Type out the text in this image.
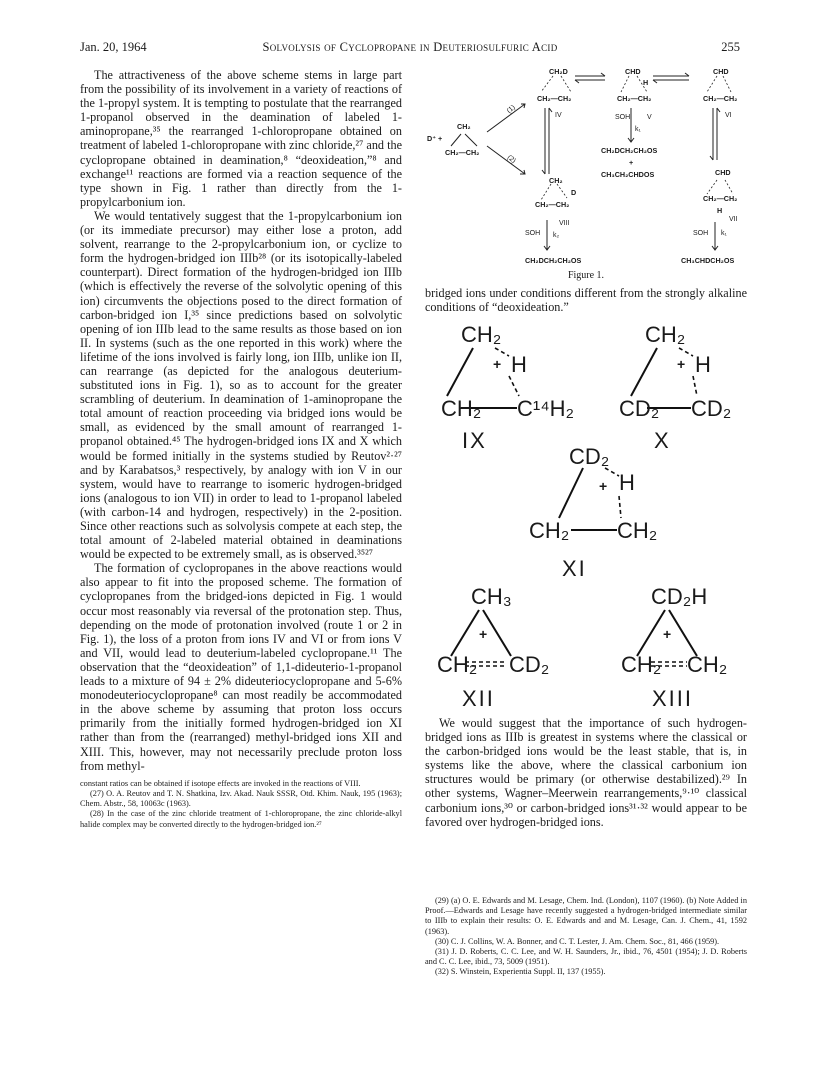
Jan. 20, 1964	Solvolysis of Cyclopropane in Deuteriosulfuric Acid	255

The attractiveness of the above scheme stems in large part from the possibility of its involvement in a variety of reactions of the 1-propyl system. It is tempting to postulate that the rearranged 1-propanol observed in the deamination of labeled 1-aminopropane,³⁵ the rearranged 1-chloropropane obtained on treatment of labeled 1-chloropropane with zinc chloride,²⁷ and the cyclopropane obtained in deamination,⁸ “deoxideation,”⁸ and exchange¹¹ reactions are formed via a reaction sequence of the type shown in Fig. 1 rather than directly from the 1-propylcarbonium ion.

We would tentatively suggest that the 1-propylcarbonium ion (or its immediate precursor) may either lose a proton, add solvent, rearrange to the 2-propylcarbonium ion, or cyclize to form the hydrogen-bridged ion IIIb²⁸ (or its isotopically-labeled counterpart). Direct formation of the hydrogen-bridged ion IIIb (which is effectively the reverse of the solvolytic opening of this ion) circumvents the objections posed to the direct formation of carbon-bridged ion I,³⁵ since predictions based on solvolytic opening of ion IIIb lead to the same results as those based on ion II. In systems (such as the one reported in this work) where the lifetime of the ions involved is fairly long, ion IIIb, unlike ion II, can rearrange (as depicted for the analogous deuterium-substituted ions in Fig. 1), so as to account for the greater scrambling of deuterium. In deamination of 1-aminopropane the total amount of reaction proceeding via bridged ions would be small, as evidenced by the small amount of rearranged 1-propanol obtained.⁴⁵ The hydrogen-bridged ions IX and X which would be formed initially in the systems studied by Reutov²·²⁷ and by Karabatsos,³ respectively, by analogy with ion V in our system, would have to rearrange to isomeric hydrogen-bridged ions (analogous to ion VII) in order to lead to 1-propanol labeled (with carbon-14 and hydrogen, respectively) in the 2-position. Since other reactions such as solvolysis compete at each step, the total amount of 2-labeled material obtained in deaminations would be expected to be extremely small, as is observed.³⁵²⁷

The formation of cyclopropanes in the above reactions would also appear to fit into the proposed scheme. The formation of cyclopropanes from the bridged-ions depicted in Fig. 1 would occur most reasonably via reversal of the protonation step. Thus, depending on the mode of protonation involved (route 1 or 2 in Fig. 1), the loss of a proton from ions IV and VI or from ions V and VII, would lead to deuterium-labeled cyclopropane.¹¹ The observation that the “deoxideation” of 1,1-dideuterio-1-propanol leads to a mixture of 94 ± 2% dideuteriocyclopropane and 5-6% monodeuteriocyclopropane⁸ can most readily be accommodated in the above scheme by assuming that proton loss occurs primarily from the initially formed hydrogen-bridged ion XI rather than from the (rearranged) methyl-bridged ions XII and XIII. This, however, may not necessarily preclude proton loss from methyl-

constant ratios can be obtained if isotope effects are invoked in the reactions of VIII.

(27) O. A. Reutov and T. N. Shatkina, Izv. Akad. Nauk SSSR, Otd. Khim. Nauk, 195 (1963); Chem. Abstr., 58, 10063c (1963).

(28) In the case of the zinc chloride treatment of 1-chloropropane, the zinc chloride-alkyl halide complex may be converted directly to the hydrogen-bridged ion.²⁷

D⁺ +
CH₂
CH₂—CH₂
(1)
(2)
CH₂D
CH₂—CH₂
IV
CHD
H
CH₂—CH₂
SOH
k₁
V
CHD
CH₂—CH₂
VI
CH₂DCH₂CH₂OS
+
CH₃CH₂CHDOS
CH₂
D
CH₂—CH₂
VIII
SOH k₂
CH₂DCH₂CH₂OS
CHD
CH₂—CH₂
H
VII
SOH k₁
CH₃CHDCH₂OS
Figure 1.

bridged ions under conditions different from the strongly alkaline conditions of “deoxideation.”

CH₂
H
+
CH₂ C¹⁴H₂
CH₂
H
+
CD₂ CD₂
CD₂
H
+
CH₂ CH₂
CH₃
+
CH₂ CD₂
CD₂H
+
CH₂ CH₂
IX	X
XI
XII	XIII

We would suggest that the importance of such hydrogen-bridged ions as IIIb is greatest in systems where the classical or the carbon-bridged ions would be the least stable, that is, in systems like the above, where the classical carbonium ion structures would be primary (or otherwise destabilized).²⁹ In other systems, Wagner–Meerwein rearrangements,⁹·¹⁰ classical carbonium ions,³⁰ or carbon-bridged ions³¹·³² would appear to be favored over hydrogen-bridged ions.

(29) (a) O. E. Edwards and M. Lesage, Chem. Ind. (London), 1107 (1960). (b) Note Added in Proof.—Edwards and Lesage have recently suggested a hydrogen-bridged intermediate similar to IIIb to explain their results: O. E. Edwards and and M. Lesage, Can. J. Chem., 41, 1592 (1963).

(30) C. J. Collins, W. A. Bonner, and C. T. Lester, J. Am. Chem. Soc., 81, 466 (1959).

(31) J. D. Roberts, C. C. Lee, and W. H. Saunders, Jr., ibid., 76, 4501 (1954); J. D. Roberts and C. C. Lee, ibid., 73, 5009 (1951).

(32) S. Winstein, Experientia Suppl. II, 137 (1955).
